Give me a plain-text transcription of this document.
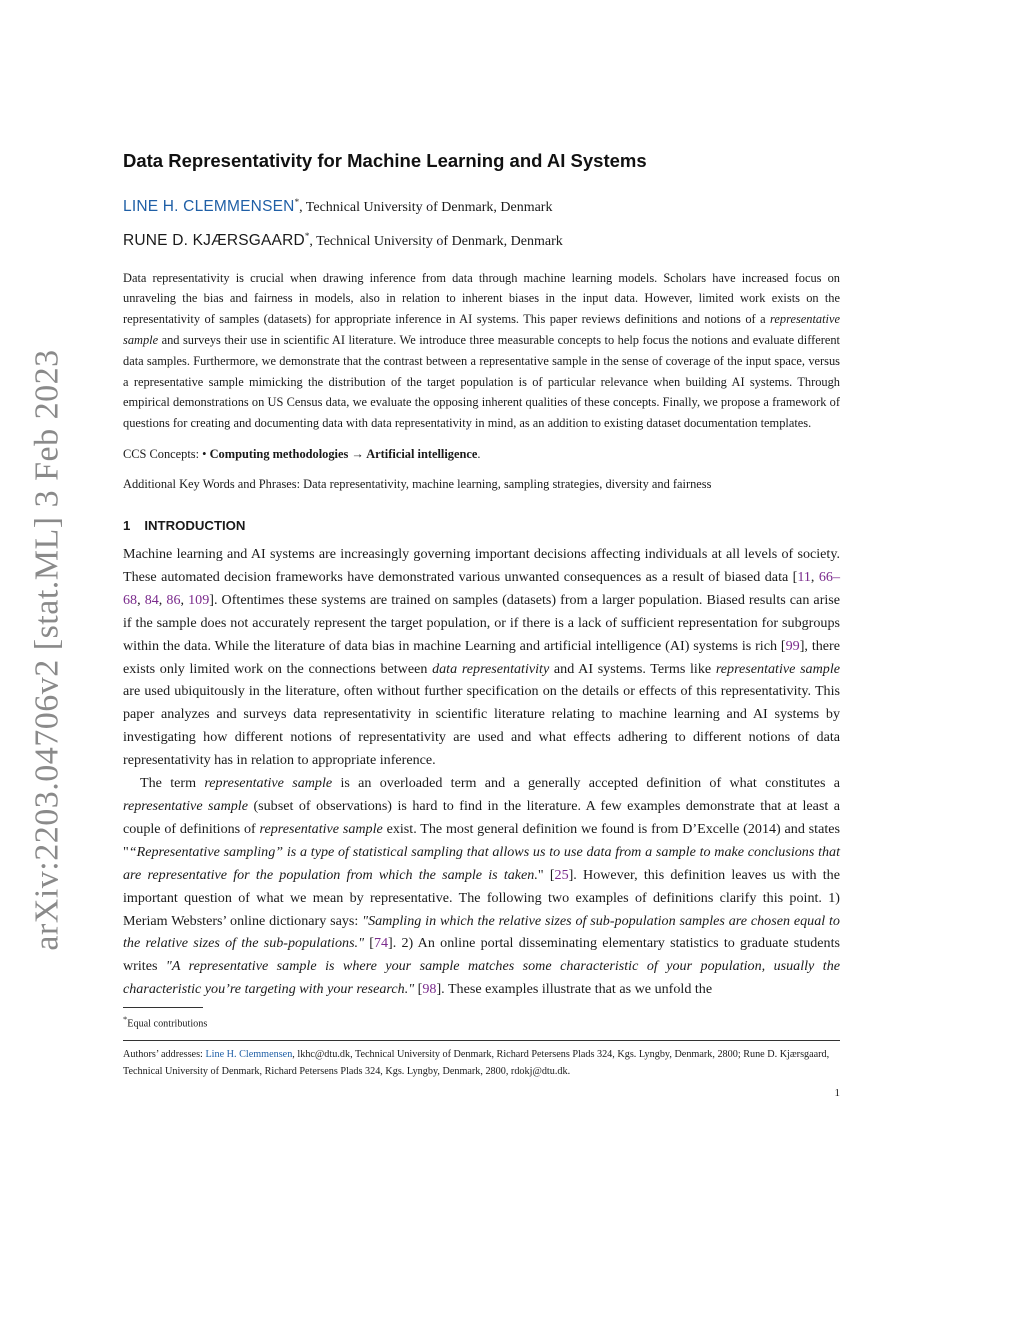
arXiv:2203.04706v2 [stat.ML] 3 Feb 2023
Data Representativity for Machine Learning and AI Systems
LINE H. CLEMMENSEN*, Technical University of Denmark, Denmark
RUNE D. KJÆRSGAARD*, Technical University of Denmark, Denmark

Data representativity is crucial when drawing inference from data through machine learning models. Scholars have increased focus on unraveling the bias and fairness in models, also in relation to inherent biases in the input data. However, limited work exists on the representativity of samples (datasets) for appropriate inference in AI systems. This paper reviews definitions and notions of a representative sample and surveys their use in scientific AI literature. We introduce three measurable concepts to help focus the notions and evaluate different data samples. Furthermore, we demonstrate that the contrast between a representative sample in the sense of coverage of the input space, versus a representative sample mimicking the distribution of the target population is of particular relevance when building AI systems. Through empirical demonstrations on US Census data, we evaluate the opposing inherent qualities of these concepts. Finally, we propose a framework of questions for creating and documenting data with data representativity in mind, as an addition to existing dataset documentation templates.

CCS Concepts: • Computing methodologies → Artificial intelligence.

Additional Key Words and Phrases: Data representativity, machine learning, sampling strategies, diversity and fairness

1 INTRODUCTION

Machine learning and AI systems are increasingly governing important decisions affecting individuals at all levels of society. These automated decision frameworks have demonstrated various unwanted consequences as a result of biased data [11, 66–68, 84, 86, 109]. Oftentimes these systems are trained on samples (datasets) from a larger population. Biased results can arise if the sample does not accurately represent the target population, or if there is a lack of sufficient representation for subgroups within the data. While the literature of data bias in machine Learning and artificial intelligence (AI) systems is rich [99], there exists only limited work on the connections between data representativity and AI systems. Terms like representative sample are used ubiquitously in the literature, often without further specification on the details or effects of this representativity. This paper analyzes and surveys data representativity in scientific literature relating to machine learning and AI systems by investigating how different notions of representativity are used and what effects adhering to different notions of data representativity has in relation to appropriate inference.

The term representative sample is an overloaded term and a generally accepted definition of what constitutes a representative sample (subset of observations) is hard to find in the literature. A few examples demonstrate that at least a couple of definitions of representative sample exist. The most general definition we found is from D’Excelle (2014) and states "“Representative sampling” is a type of statistical sampling that allows us to use data from a sample to make conclusions that are representative for the population from which the sample is taken." [25]. However, this definition leaves us with the important question of what we mean by representative. The following two examples of definitions clarify this point. 1) Meriam Websters’ online dictionary says: "Sampling in which the relative sizes of sub-population samples are chosen equal to the relative sizes of the sub-populations." [74]. 2) An online portal disseminating elementary statistics to graduate students writes "A representative sample is where your sample matches some characteristic of your population, usually the characteristic you’re targeting with your research." [98]. These examples illustrate that as we unfold the

*Equal contributions

Authors’ addresses: Line H. Clemmensen, lkhc@dtu.dk, Technical University of Denmark, Richard Petersens Plads 324, Kgs. Lyngby, Denmark, 2800; Rune D. Kjærsgaard, Technical University of Denmark, Richard Petersens Plads 324, Kgs. Lyngby, Denmark, 2800, rdokj@dtu.dk.

1
